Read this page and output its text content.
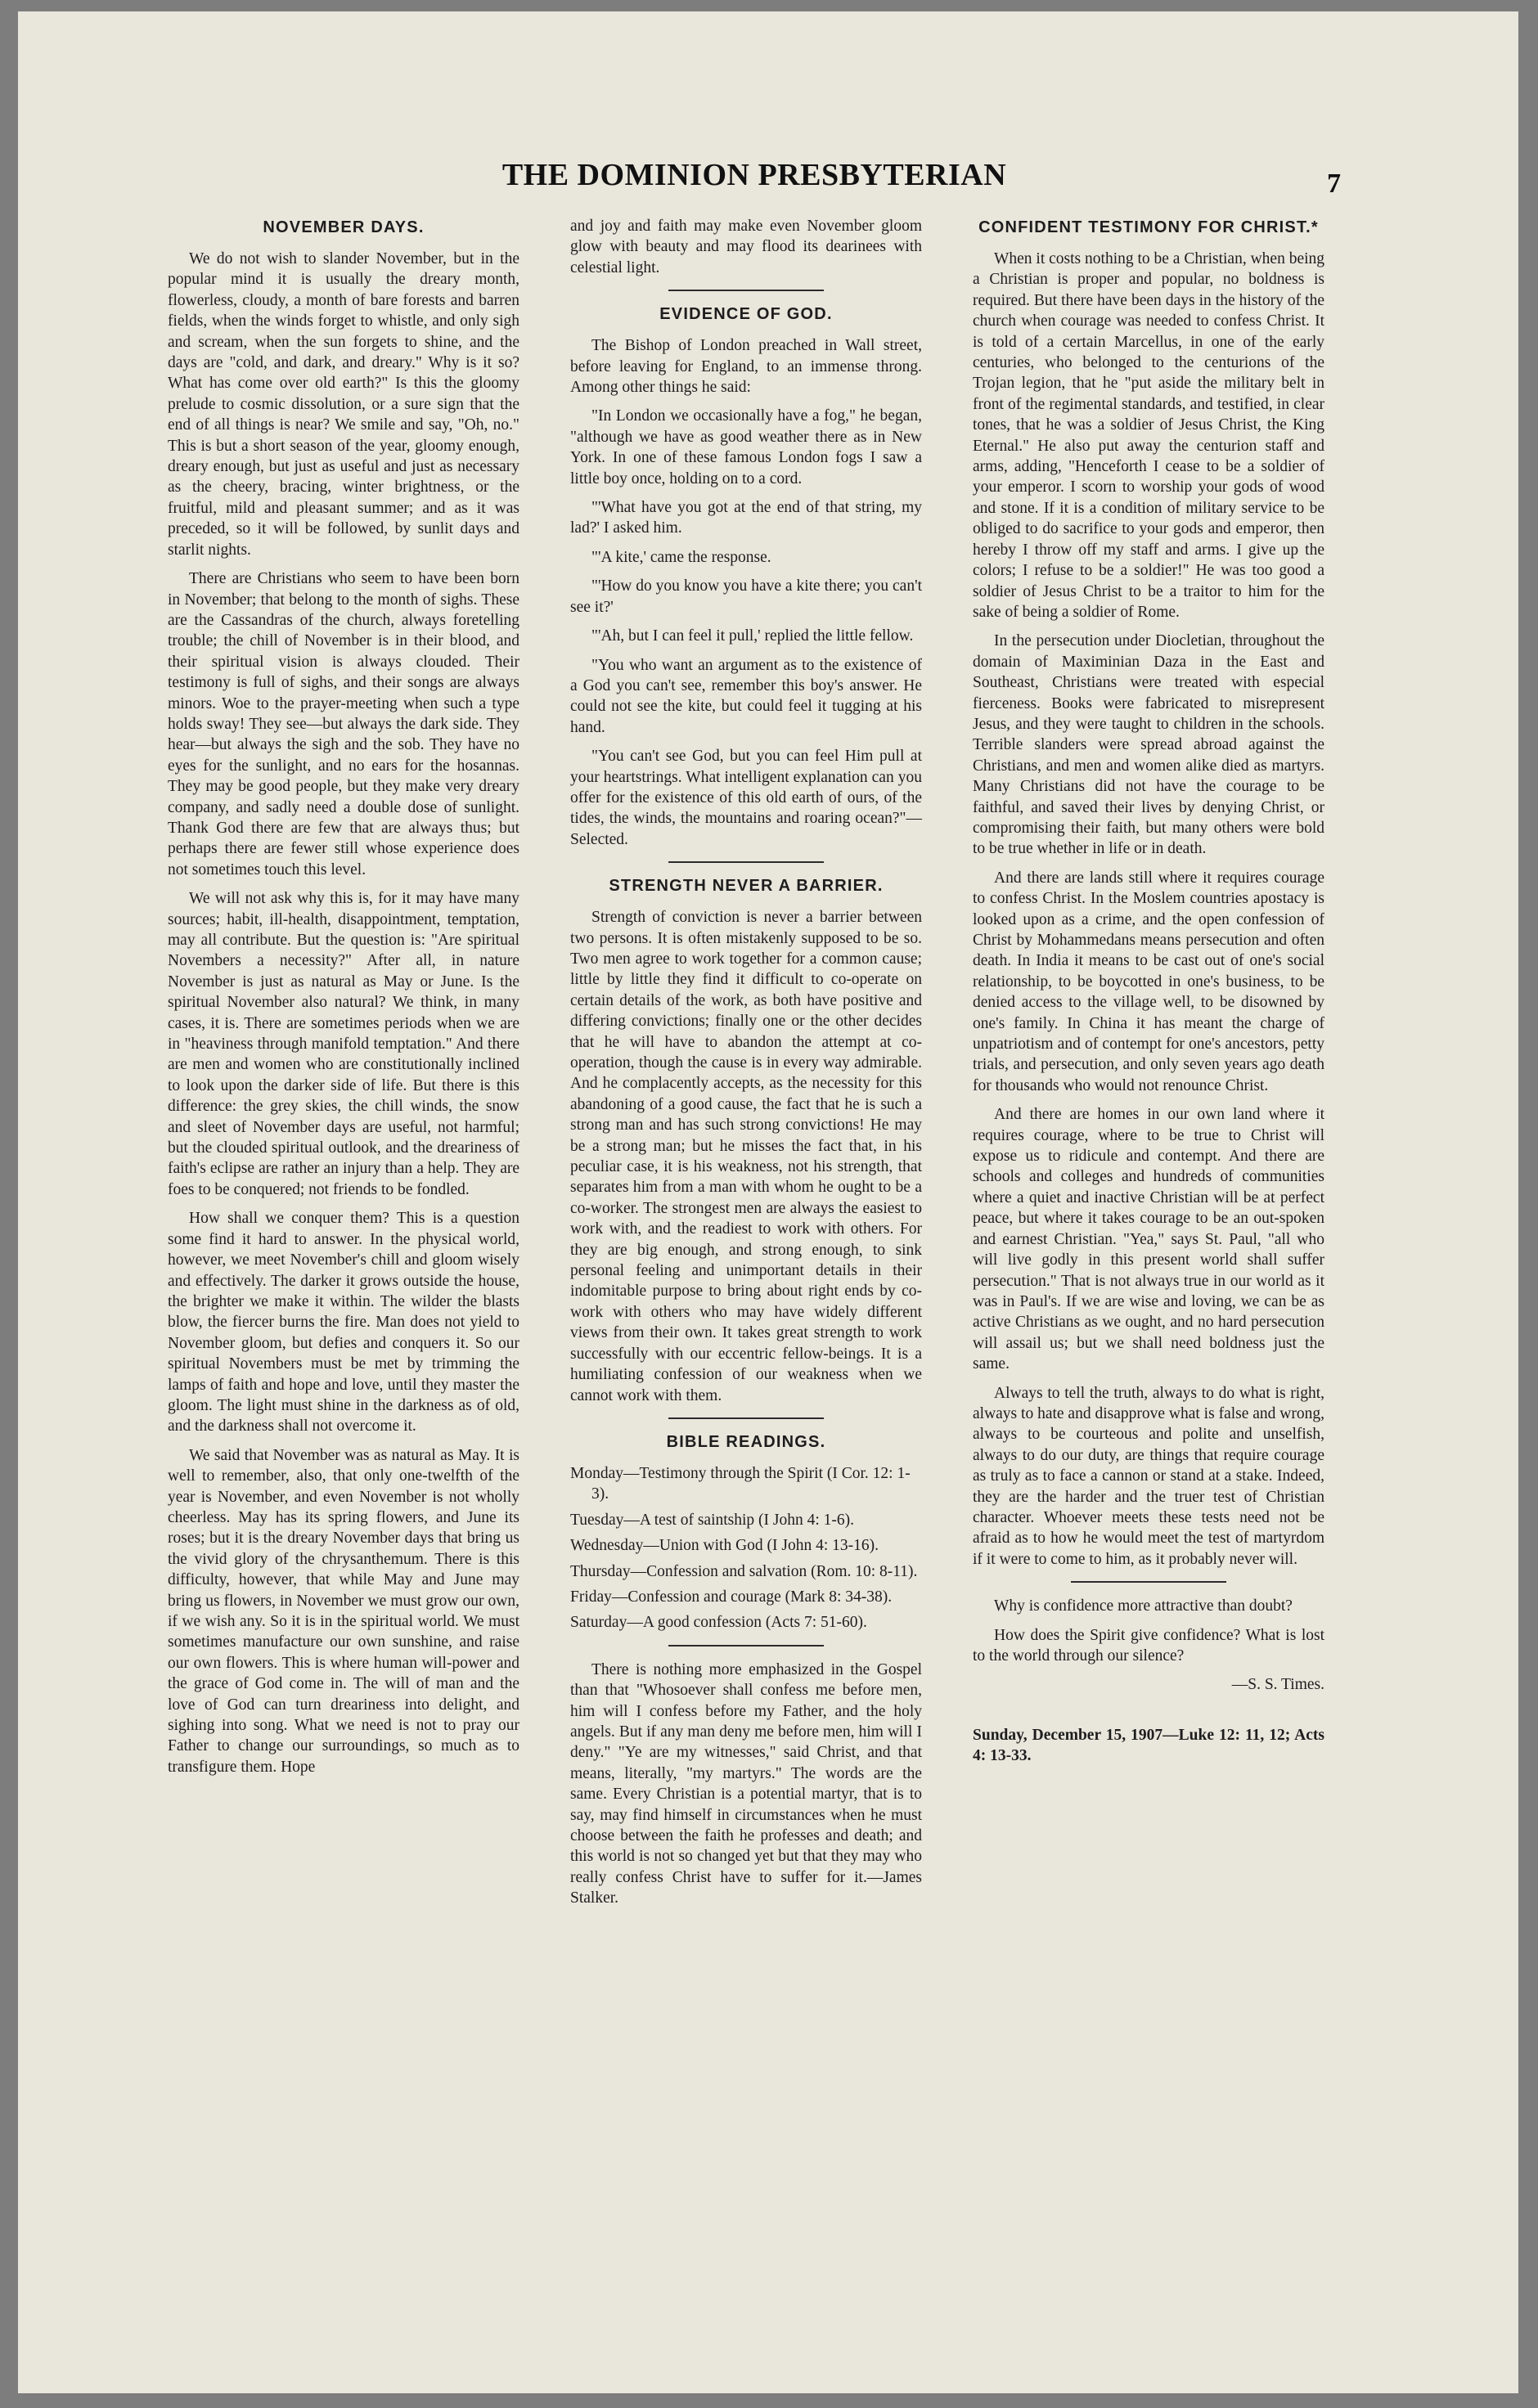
THE DOMINION PRESBYTERIAN	7
NOVEMBER DAYS.

We do not wish to slander November, but in the popular mind it is usually the dreary month, flowerless, cloudy, a month of bare forests and barren fields, when the winds forget to whistle, and only sigh and scream, when the sun forgets to shine, and the days are "cold, and dark, and dreary." Why is it so? What has come over old earth?" Is this the gloomy prelude to cosmic dissolution, or a sure sign that the end of all things is near? We smile and say, "Oh, no." This is but a short season of the year, gloomy enough, dreary enough, but just as useful and just as necessary as the cheery, bracing, winter brightness, or the fruitful, mild and pleasant summer; and as it was preceded, so it will be followed, by sunlit days and starlit nights.

There are Christians who seem to have been born in November; that belong to the month of sighs. These are the Cassandras of the church, always foretelling trouble; the chill of November is in their blood, and their spiritual vision is always clouded. Their testimony is full of sighs, and their songs are always minors. Woe to the prayer-meeting when such a type holds sway! They see—but always the dark side. They hear—but always the sigh and the sob. They have no eyes for the sunlight, and no ears for the hosannas. They may be good people, but they make very dreary company, and sadly need a double dose of sunlight. Thank God there are few that are always thus; but perhaps there are fewer still whose experience does not sometimes touch this level.

We will not ask why this is, for it may have many sources; habit, ill-health, disappointment, temptation, may all contribute. But the question is: "Are spiritual Novembers a necessity?" After all, in nature November is just as natural as May or June. Is the spiritual November also natural? We think, in many cases, it is. There are sometimes periods when we are in "heaviness through manifold temptation." And there are men and women who are constitutionally inclined to look upon the darker side of life. But there is this difference: the grey skies, the chill winds, the snow and sleet of November days are useful, not harmful; but the clouded spiritual outlook, and the dreariness of faith's eclipse are rather an injury than a help. They are foes to be conquered; not friends to be fondled.

How shall we conquer them? This is a question some find it hard to answer. In the physical world, however, we meet November's chill and gloom wisely and effectively. The darker it grows outside the house, the brighter we make it within. The wilder the blasts blow, the fiercer burns the fire. Man does not yield to November gloom, but defies and conquers it. So our spiritual Novembers must be met by trimming the lamps of faith and hope and love, until they master the gloom. The light must shine in the darkness as of old, and the darkness shall not overcome it.

We said that November was as natural as May. It is well to remember, also, that only one-twelfth of the year is November, and even November is not wholly cheerless. May has its spring flowers, and June its roses; but it is the dreary November days that bring us the vivid glory of the chrysanthemum. There is this difficulty, however, that while May and June may bring us flowers, in November we must grow our own, if we wish any. So it is in the spiritual world. We must sometimes manufacture our own sunshine, and raise our own flowers. This is where human will-power and the grace of God come in. The will of man and the love of God can turn dreariness into delight, and sighing into song. What we need is not to pray our Father to change our surroundings, so much as to transfigure them. Hope

and joy and faith may make even November gloom glow with beauty and may flood its dearinees with celestial light.

EVIDENCE OF GOD.

The Bishop of London preached in Wall street, before leaving for England, to an immense throng. Among other things he said:

"In London we occasionally have a fog," he began, "although we have as good weather there as in New York. In one of these famous London fogs I saw a little boy once, holding on to a cord.

"'What have you got at the end of that string, my lad?' I asked him.

"'A kite,' came the response.

"'How do you know you have a kite there; you can't see it?'

"'Ah, but I can feel it pull,' replied the little fellow.

"You who want an argument as to the existence of a God you can't see, remember this boy's answer. He could not see the kite, but could feel it tugging at his hand.

"You can't see God, but you can feel Him pull at your heartstrings. What intelligent explanation can you offer for the existence of this old earth of ours, of the tides, the winds, the mountains and roaring ocean?"—Selected.

STRENGTH NEVER A BARRIER.

Strength of conviction is never a barrier between two persons. It is often mistakenly supposed to be so. Two men agree to work together for a common cause; little by little they find it difficult to co-operate on certain details of the work, as both have positive and differing convictions; finally one or the other decides that he will have to abandon the attempt at co-operation, though the cause is in every way admirable. And he complacently accepts, as the necessity for this abandoning of a good cause, the fact that he is such a strong man and has such strong convictions! He may be a strong man; but he misses the fact that, in his peculiar case, it is his weakness, not his strength, that separates him from a man with whom he ought to be a co-worker. The strongest men are always the easiest to work with, and the readiest to work with others. For they are big enough, and strong enough, to sink personal feeling and unimportant details in their indomitable purpose to bring about right ends by co-work with others who may have widely different views from their own. It takes great strength to work successfully with our eccentric fellow-beings. It is a humiliating confession of our weakness when we cannot work with them.

BIBLE READINGS.
Monday—Testimony through the Spirit (I Cor. 12: 1-3).
Tuesday—A test of saintship (I John 4: 1-6).
Wednesday—Union with God (I John 4: 13-16).
Thursday—Confession and salvation (Rom. 10: 8-11).
Friday—Confession and courage (Mark 8: 34-38).
Saturday—A good confession (Acts 7: 51-60).

There is nothing more emphasized in the Gospel than that "Whosoever shall confess me before men, him will I confess before my Father, and the holy angels. But if any man deny me before men, him will I deny." "Ye are my witnesses," said Christ, and that means, literally, "my martyrs." The words are the same. Every Christian is a potential martyr, that is to say, may find himself in circumstances when he must choose between the faith he professes and death; and this world is not so changed yet but that they may who really confess Christ have to suffer for it.—James Stalker.

CONFIDENT TESTIMONY FOR CHRIST.*

When it costs nothing to be a Christian, when being a Christian is proper and popular, no boldness is required. But there have been days in the history of the church when courage was needed to confess Christ. It is told of a certain Marcellus, in one of the early centuries, who belonged to the centurions of the Trojan legion, that he "put aside the military belt in front of the regimental standards, and testified, in clear tones, that he was a soldier of Jesus Christ, the King Eternal." He also put away the centurion staff and arms, adding, "Henceforth I cease to be a soldier of your emperor. I scorn to worship your gods of wood and stone. If it is a condition of military service to be obliged to do sacrifice to your gods and emperor, then hereby I throw off my staff and arms. I give up the colors; I refuse to be a soldier!" He was too good a soldier of Jesus Christ to be a traitor to him for the sake of being a soldier of Rome.

In the persecution under Diocletian, throughout the domain of Maximinian Daza in the East and Southeast, Christians were treated with especial fierceness. Books were fabricated to misrepresent Jesus, and they were taught to children in the schools. Terrible slanders were spread abroad against the Christians, and men and women alike died as martyrs. Many Christians did not have the courage to be faithful, and saved their lives by denying Christ, or compromising their faith, but many others were bold to be true whether in life or in death.

And there are lands still where it requires courage to confess Christ. In the Moslem countries apostacy is looked upon as a crime, and the open confession of Christ by Mohammedans means persecution and often death. In India it means to be cast out of one's social relationship, to be boycotted in one's business, to be denied access to the village well, to be disowned by one's family. In China it has meant the charge of unpatriotism and of contempt for one's ancestors, petty trials, and persecution, and only seven years ago death for thousands who would not renounce Christ.

And there are homes in our own land where it requires courage, where to be true to Christ will expose us to ridicule and contempt. And there are schools and colleges and hundreds of communities where a quiet and inactive Christian will be at perfect peace, but where it takes courage to be an out-spoken and earnest Christian. "Yea," says St. Paul, "all who will live godly in this present world shall suffer persecution." That is not always true in our world as it was in Paul's. If we are wise and loving, we can be as active Christians as we ought, and no hard persecution will assail us; but we shall need boldness just the same.

Always to tell the truth, always to do what is right, always to hate and disapprove what is false and wrong, always to be courteous and polite and unselfish, always to do our duty, are things that require courage as truly as to face a cannon or stand at a stake. Indeed, they are the harder and the truer test of Christian character. Whoever meets these tests need not be afraid as to how he would meet the test of martyrdom if it were to come to him, as it probably never will.

Why is confidence more attractive than doubt?

How does the Spirit give confidence? What is lost to the world through our silence?

—S. S. Times.

Sunday, December 15, 1907—Luke 12: 11, 12; Acts 4: 13-33.
